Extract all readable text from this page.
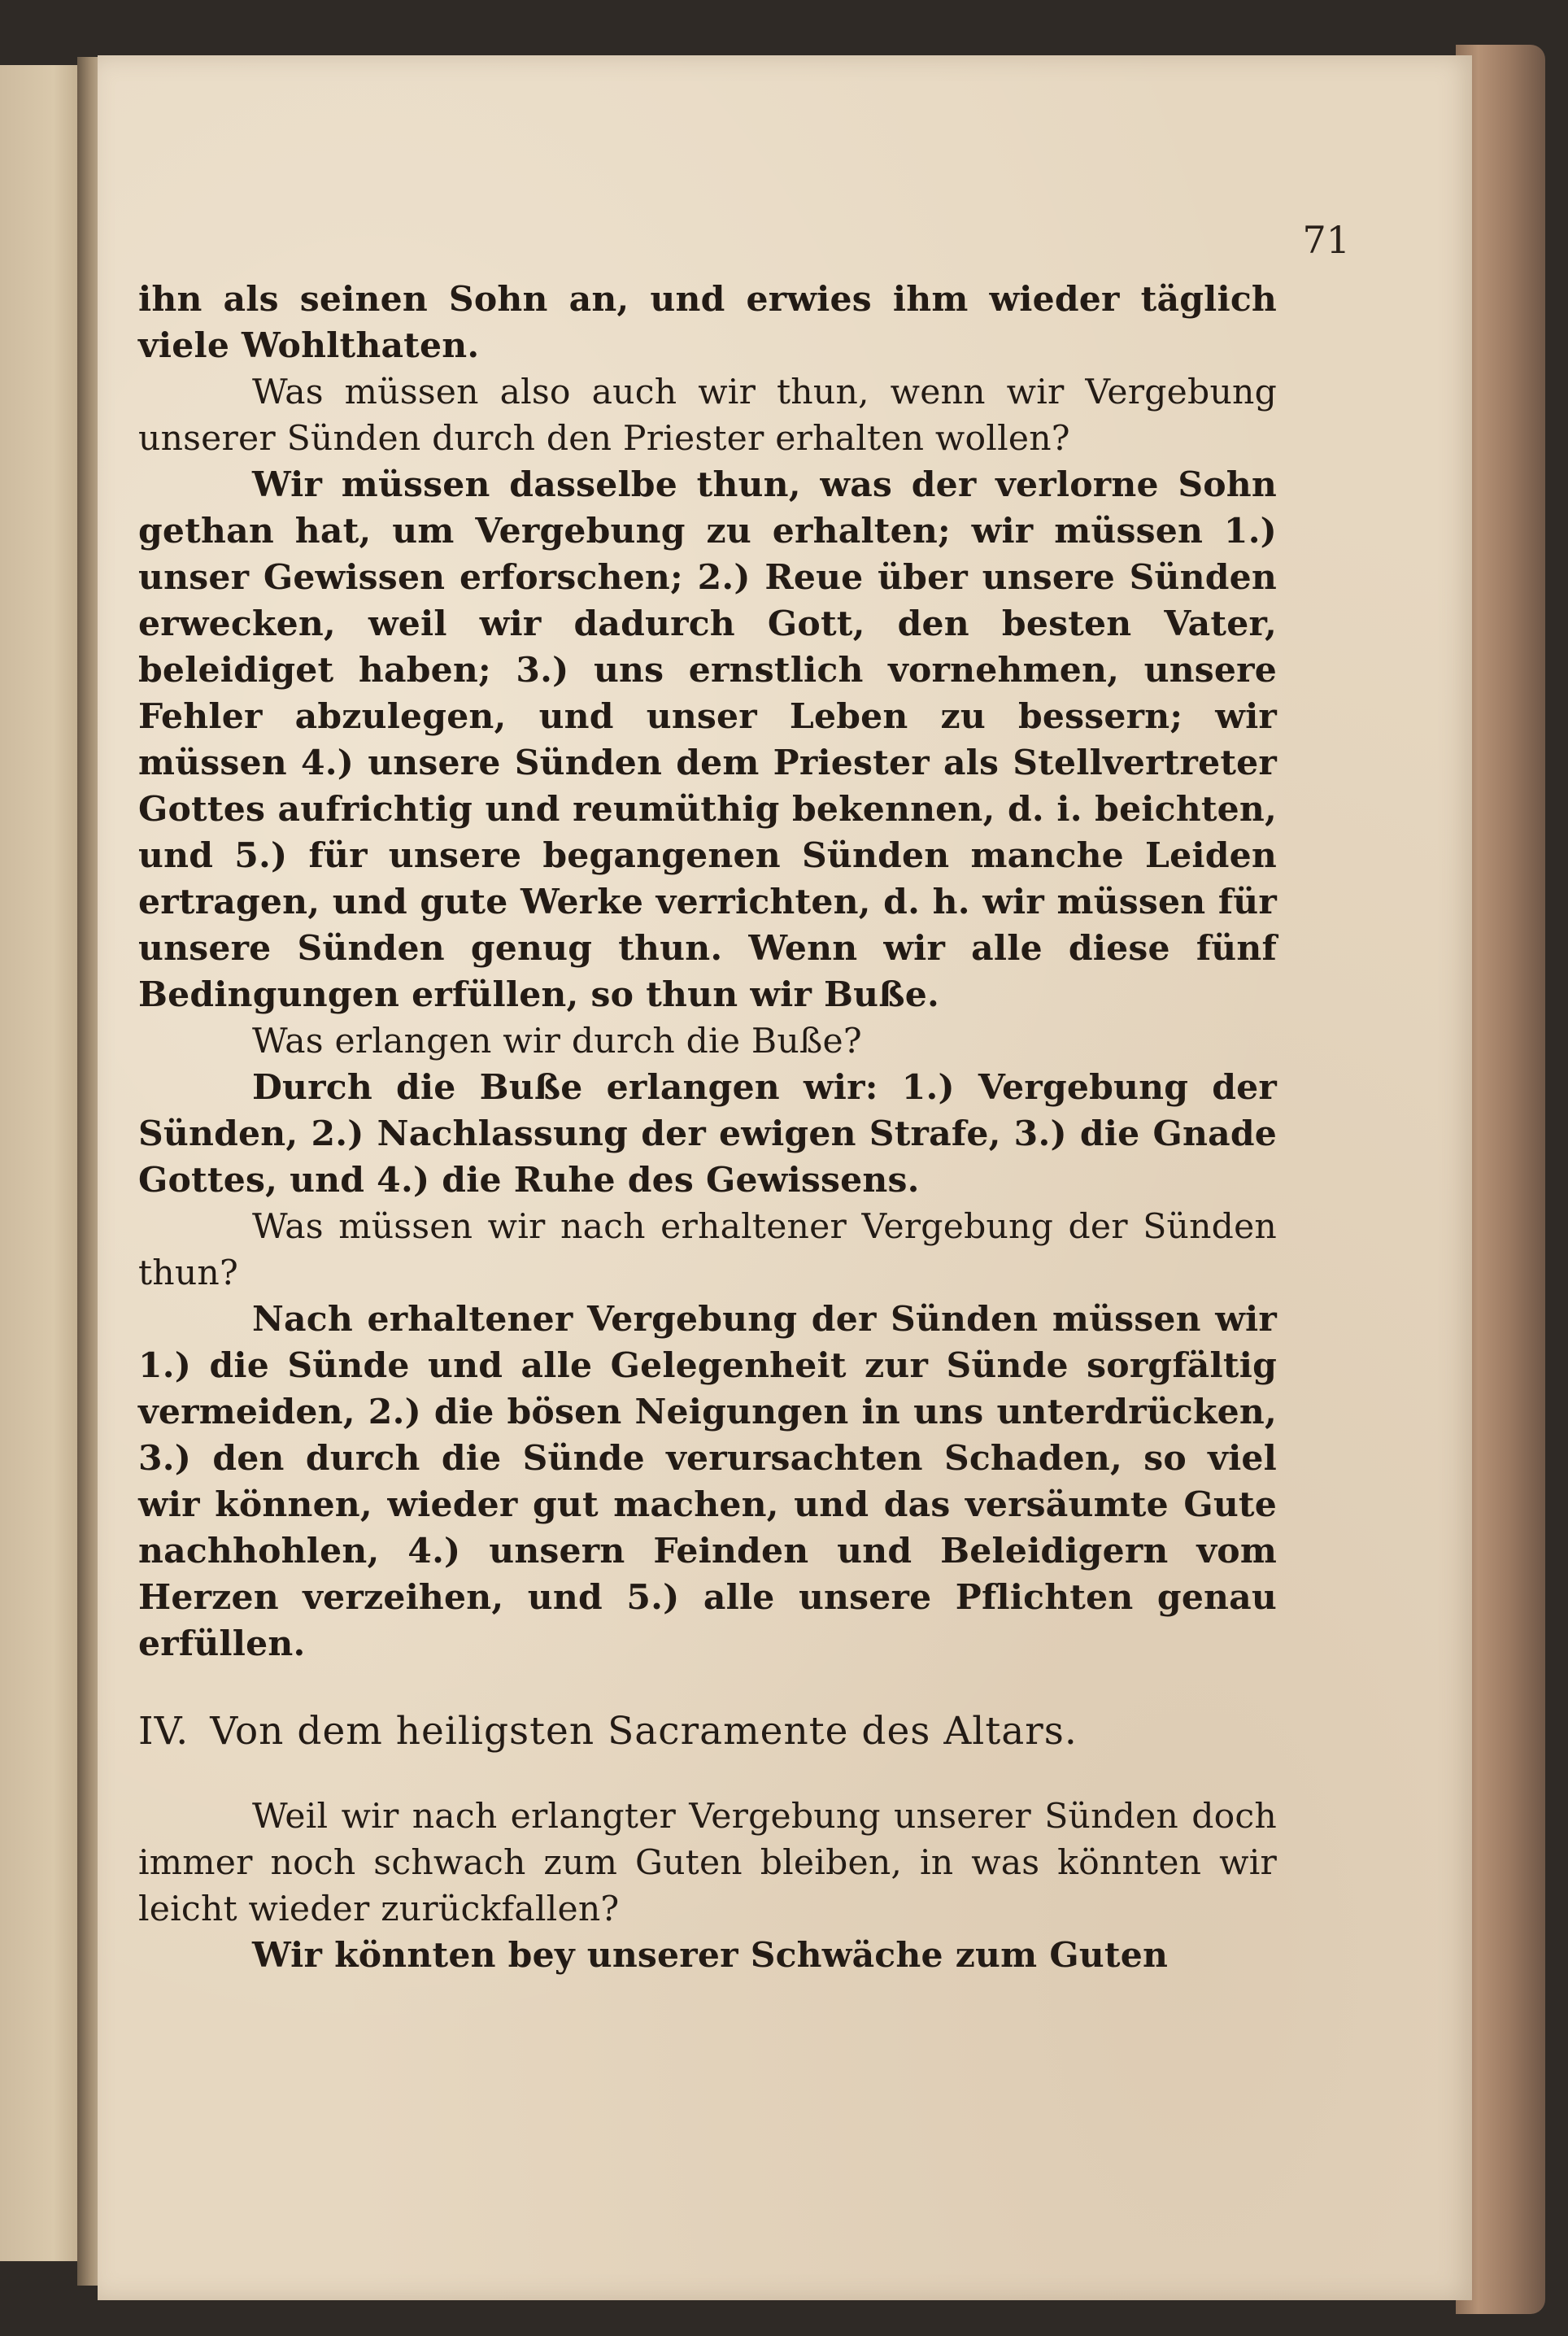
71

ihn als seinen Sohn an, und erwies ihm wieder täglich viele Wohlthaten.

Was müssen also auch wir thun, wenn wir Vergebung unserer Sünden durch den Priester erhalten wollen?

Wir müssen dasselbe thun, was der verlorne Sohn gethan hat, um Vergebung zu erhalten; wir müssen 1.) unser Gewissen erforschen; 2.) Reue über unsere Sünden erwecken, weil wir dadurch Gott, den besten Vater, beleidiget haben; 3.) uns ernstlich vornehmen, unsere Fehler abzulegen, und unser Leben zu bessern; wir müssen 4.) unsere Sünden dem Priester als Stellvertreter Gottes aufrichtig und reumüthig bekennen, d. i. beichten, und 5.) für unsere begangenen Sünden manche Leiden ertragen, und gute Werke verrichten, d. h. wir müssen für unsere Sünden genug thun. Wenn wir alle diese fünf Bedingungen erfüllen, so thun wir Buße.

Was erlangen wir durch die Buße?

Durch die Buße erlangen wir: 1.) Vergebung der Sünden, 2.) Nachlassung der ewigen Strafe, 3.) die Gnade Gottes, und 4.) die Ruhe des Gewissens.

Was müssen wir nach erhaltener Vergebung der Sünden thun?

Nach erhaltener Vergebung der Sünden müssen wir 1.) die Sünde und alle Gelegenheit zur Sünde sorgfältig vermeiden, 2.) die bösen Neigungen in uns unterdrücken, 3.) den durch die Sünde verursachten Schaden, so viel wir können, wieder gut machen, und das versäumte Gute nachhohlen, 4.) unsern Feinden und Beleidigern vom Herzen verzeihen, und 5.) alle unsere Pflichten genau erfüllen.

IV. Von dem heiligsten Sacramente des Altars.

Weil wir nach erlangter Vergebung unserer Sünden doch immer noch schwach zum Guten bleiben, in was könnten wir leicht wieder zurückfallen?

Wir könnten bey unserer Schwäche zum Guten
